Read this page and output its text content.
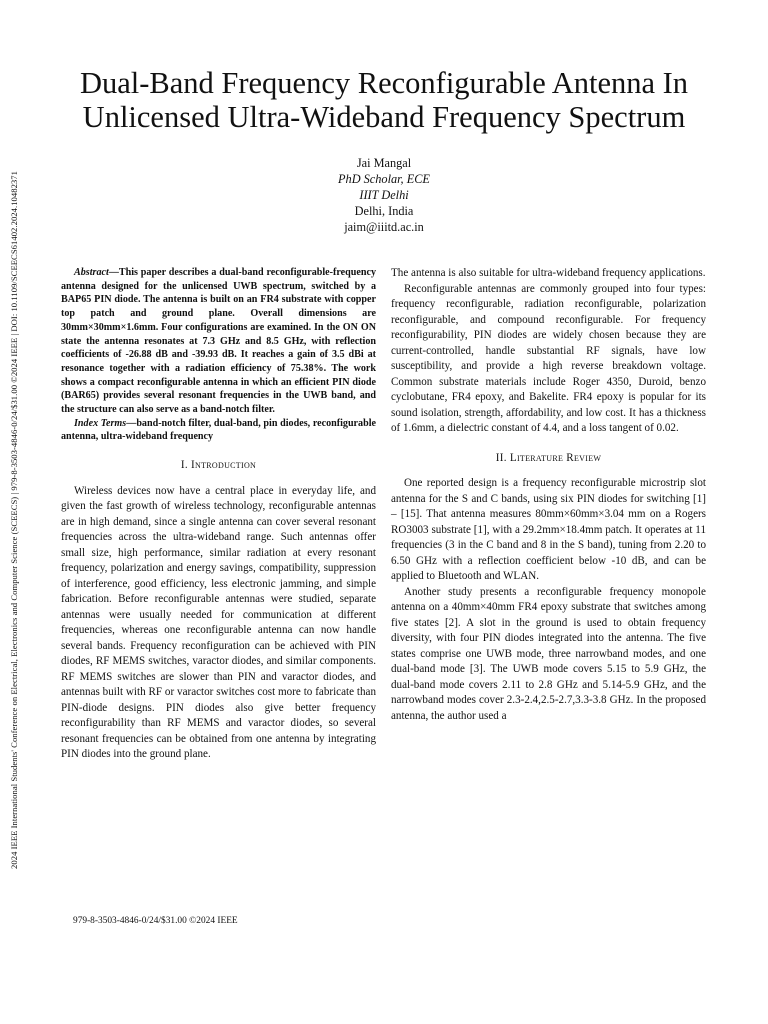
2024 IEEE International Students' Conference on Electrical, Electronics and Computer Science (SCEECS) | 979-8-3503-4846-0/24/$31.00 ©2024 IEEE | DOI: 10.1109/SCEECS61402.2024.10482371
Dual-Band Frequency Reconfigurable Antenna In Unlicensed Ultra-Wideband Frequency Spectrum
Jai Mangal
PhD Scholar, ECE
IIIT Delhi
Delhi, India
jaim@iiitd.ac.in

Abstract—This paper describes a dual-band reconfigurable-frequency antenna designed for the unlicensed UWB spectrum, switched by a BAP65 PIN diode. The antenna is built on an FR4 substrate with copper top patch and ground plane. Overall dimensions are 30mm×30mm×1.6mm. Four configurations are examined. In the ON ON state the antenna resonates at 7.3 GHz and 8.5 GHz, with reflection coefficients of -26.88 dB and -39.93 dB. It reaches a gain of 3.5 dBi at resonance together with a radiation efficiency of 75.38%. The work shows a compact reconfigurable antenna in which an efficient PIN diode (BAR65) provides several resonant frequencies in the UWB band, and the structure can also serve as a band-notch filter.

Index Terms—band-notch filter, dual-band, pin diodes, reconfigurable antenna, ultra-wideband frequency

I. Introduction

Wireless devices now have a central place in everyday life, and given the fast growth of wireless technology, reconfigurable antennas are in high demand, since a single antenna can cover several resonant frequencies across the ultra-wideband range. Such antennas offer small size, high performance, similar radiation at every resonant frequency, polarization and energy savings, compatibility, suppression of interference, good efficiency, less electronic jamming, and simple fabrication. Before reconfigurable antennas were studied, separate antennas were usually needed for communication at different frequencies, whereas one reconfigurable antenna can now handle several bands. Frequency reconfiguration can be achieved with PIN diodes, RF MEMS switches, varactor diodes, and similar components. RF MEMS switches are slower than PIN and varactor diodes, and antennas built with RF or varactor switches cost more to fabricate than PIN-diode designs. PIN diodes also give better frequency reconfigurability than RF MEMS and varactor diodes, so several resonant frequencies can be obtained from one antenna by integrating PIN diodes into the ground plane.

The antenna is also suitable for ultra-wideband frequency applications.

Reconfigurable antennas are commonly grouped into four types: frequency reconfigurable, radiation reconfigurable, polarization reconfigurable, and compound reconfigurable. For frequency reconfigurability, PIN diodes are widely chosen because they are current-controlled, handle substantial RF signals, have low susceptibility, and provide a high reverse breakdown voltage. Common substrate materials include Roger 4350, Duroid, benzo cyclobutane, FR4 epoxy, and Bakelite. FR4 epoxy is popular for its sound isolation, strength, affordability, and low cost. It has a thickness of 1.6mm, a dielectric constant of 4.4, and a loss tangent of 0.02.

II. Literature Review

One reported design is a frequency reconfigurable microstrip slot antenna for the S and C bands, using six PIN diodes for switching [1] – [15]. That antenna measures 80mm×60mm×3.04 mm on a Rogers RO3003 substrate [1], with a 29.2mm×18.4mm patch. It operates at 11 frequencies (3 in the C band and 8 in the S band), tuning from 2.20 to 6.50 GHz with a reflection coefficient below -10 dB, and can be applied to Bluetooth and WLAN.

Another study presents a reconfigurable frequency monopole antenna on a 40mm×40mm FR4 epoxy substrate that switches among five states [2]. A slot in the ground is used to obtain frequency diversity, with four PIN diodes integrated into the antenna. The five states comprise one UWB mode, three narrowband modes, and one dual-band mode [3]. The UWB mode covers 5.15 to 5.9 GHz, the dual-band mode covers 2.11 to 2.8 GHz and 5.14-5.9 GHz, and the narrowband modes cover 2.3-2.4,2.5-2.7,3.3-3.8 GHz. In the proposed antenna, the author used a

979-8-3503-4846-0/24/$31.00 ©2024 IEEE
